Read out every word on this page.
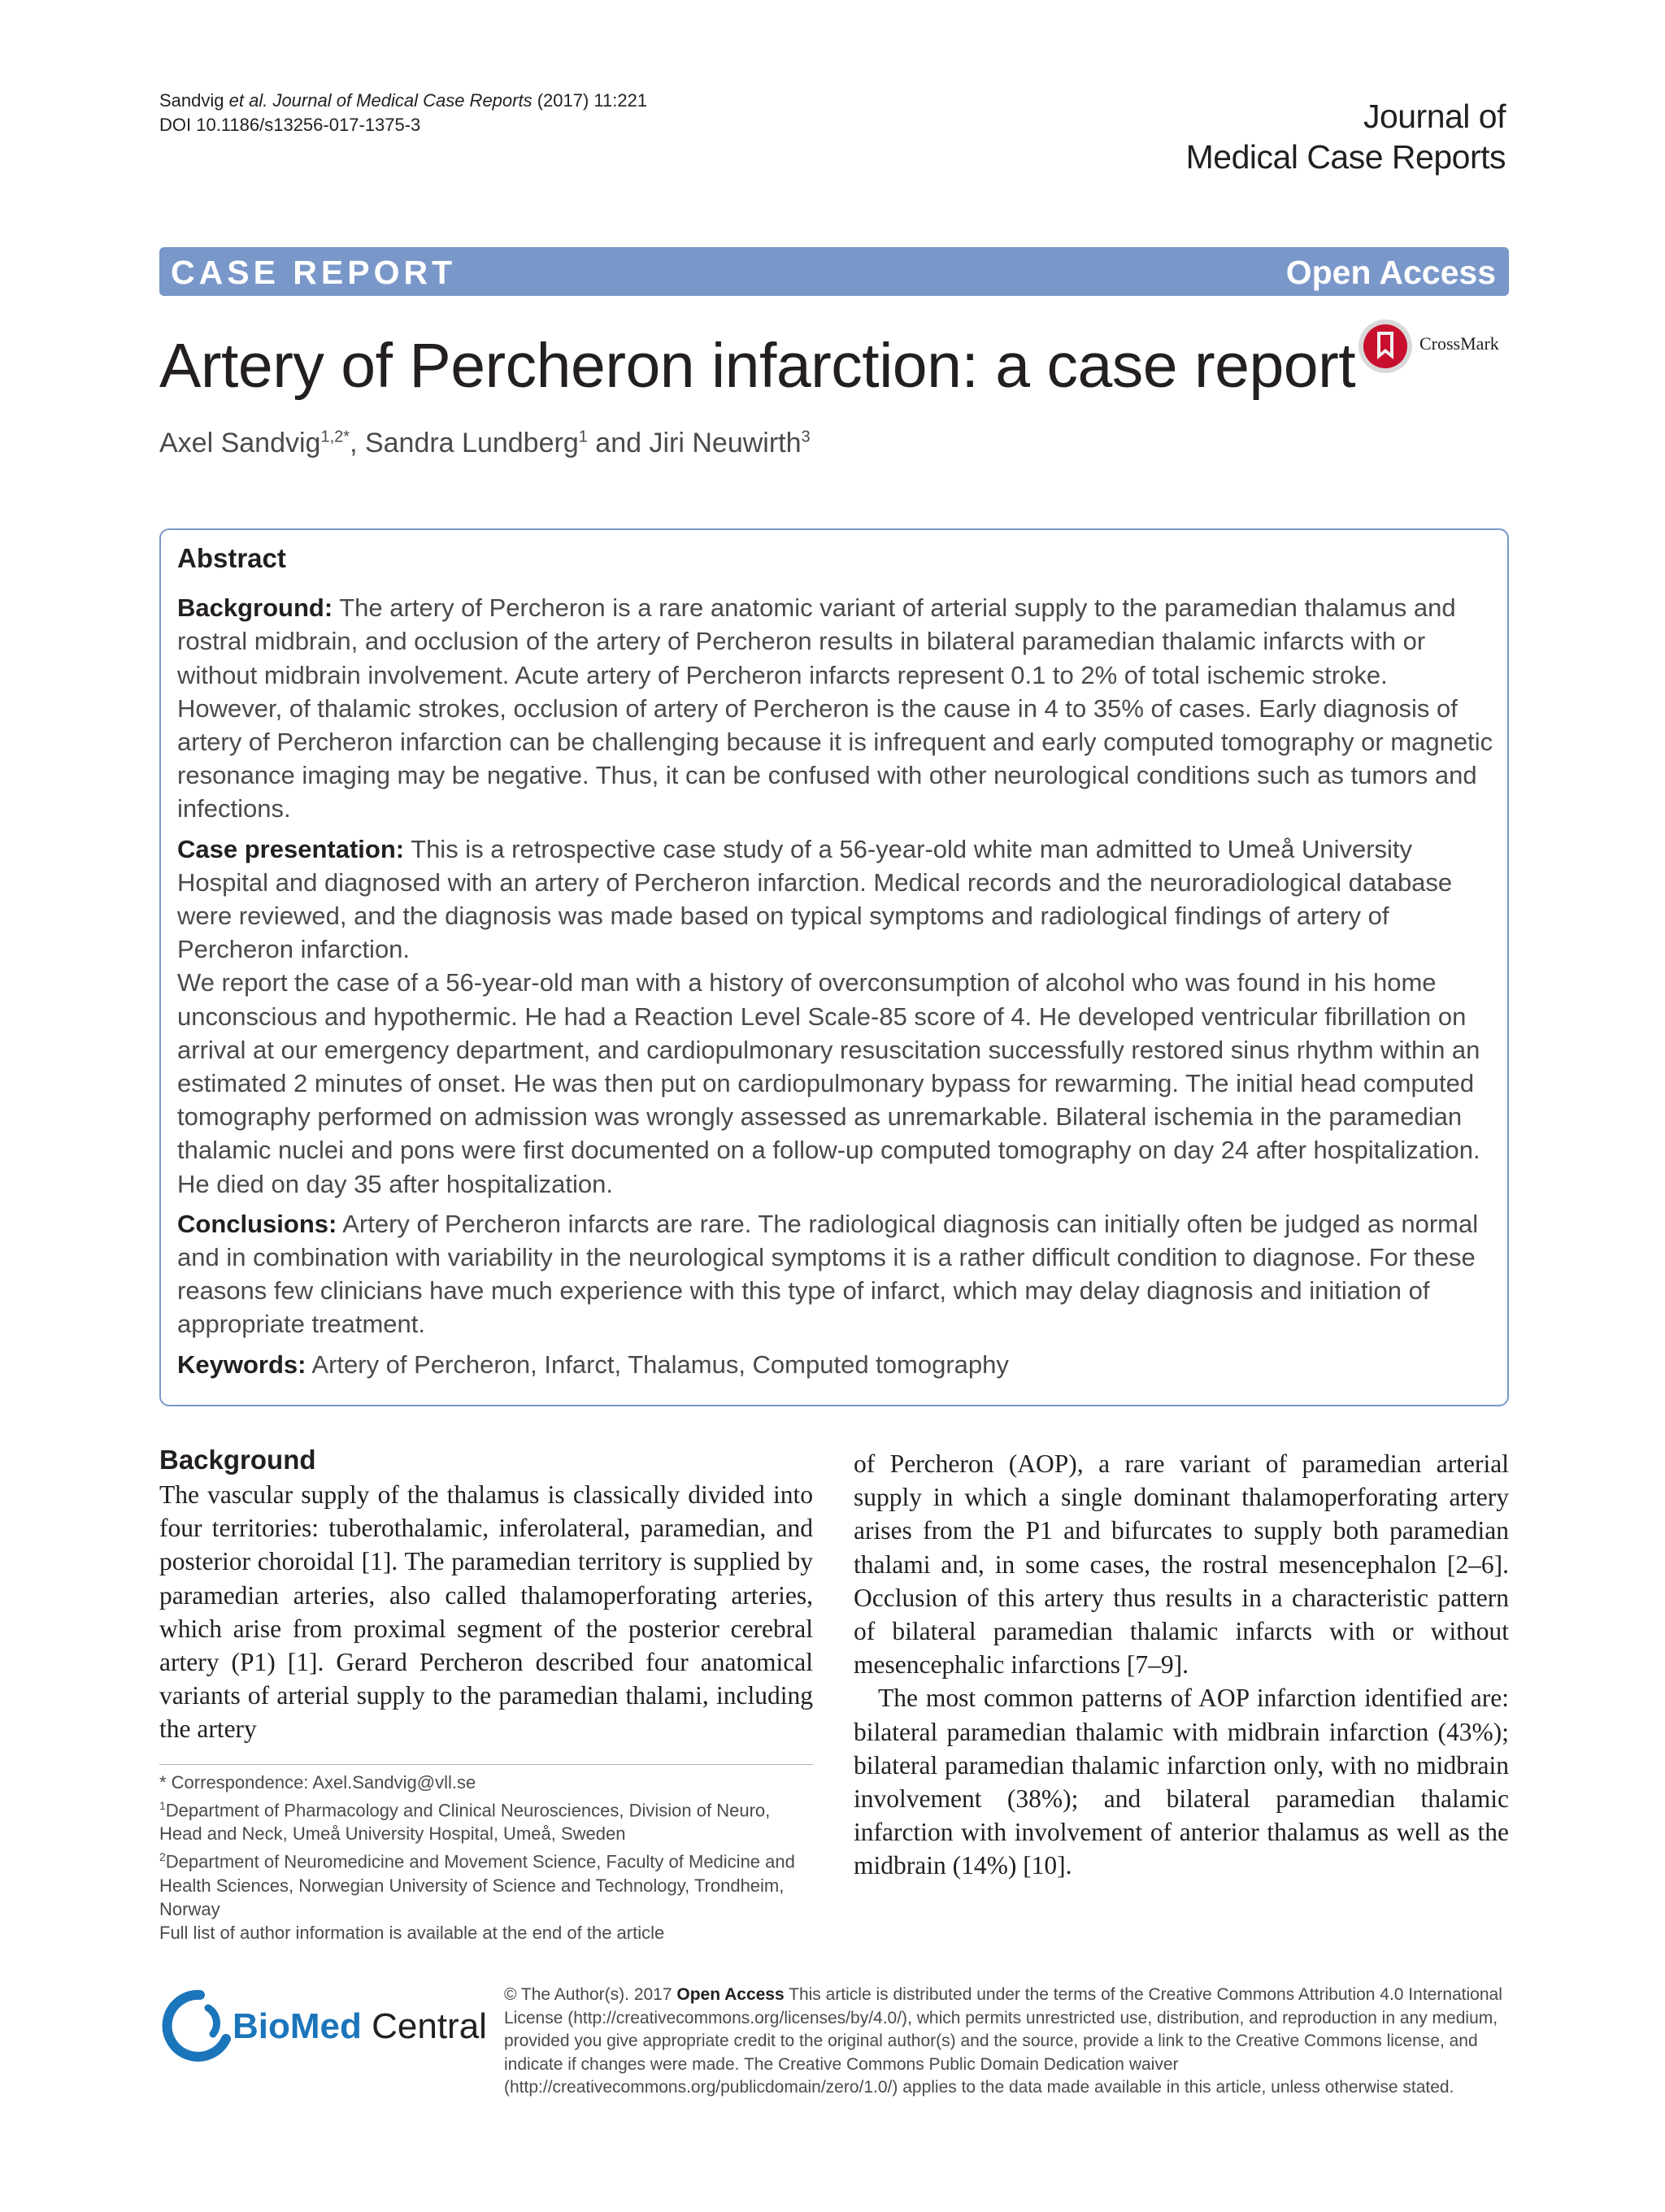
Sandvig et al. Journal of Medical Case Reports (2017) 11:221
DOI 10.1186/s13256-017-1375-3	Journal of
Medical Case Reports
CASE REPORT	Open Access
Artery of Percheron infarction: a case report	CrossMark
Axel Sandvig$^{1,2*}$, Sandra Lundberg$^1$ and Jiri Neuwirth$^3$
Abstract

Background: The artery of Percheron is a rare anatomic variant of arterial supply to the paramedian thalamus and rostral midbrain, and occlusion of the artery of Percheron results in bilateral paramedian thalamic infarcts with or without midbrain involvement. Acute artery of Percheron infarcts represent 0.1 to 2% of total ischemic stroke. However, of thalamic strokes, occlusion of artery of Percheron is the cause in 4 to 35% of cases. Early diagnosis of artery of Percheron infarction can be challenging because it is infrequent and early computed tomography or magnetic resonance imaging may be negative. Thus, it can be confused with other neurological conditions such as tumors and infections.

Case presentation: This is a retrospective case study of a 56-year-old white man admitted to Umeå University Hospital and diagnosed with an artery of Percheron infarction. Medical records and the neuroradiological database were reviewed, and the diagnosis was made based on typical symptoms and radiological findings of artery of Percheron infarction.

We report the case of a 56-year-old man with a history of overconsumption of alcohol who was found in his home unconscious and hypothermic. He had a Reaction Level Scale-85 score of 4. He developed ventricular fibrillation on arrival at our emergency department, and cardiopulmonary resuscitation successfully restored sinus rhythm within an estimated 2 minutes of onset. He was then put on cardiopulmonary bypass for rewarming. The initial head computed tomography performed on admission was wrongly assessed as unremarkable. Bilateral ischemia in the paramedian thalamic nuclei and pons were first documented on a follow-up computed tomography on day 24 after hospitalization. He died on day 35 after hospitalization.

Conclusions: Artery of Percheron infarcts are rare. The radiological diagnosis can initially often be judged as normal and in combination with variability in the neurological symptoms it is a rather difficult condition to diagnose. For these reasons few clinicians have much experience with this type of infarct, which may delay diagnosis and initiation of appropriate treatment.

Keywords: Artery of Percheron, Infarct, Thalamus, Computed tomography

Background

The vascular supply of the thalamus is classically divided into four territories: tuberothalamic, inferolateral, paramedian, and posterior choroidal [1]. The paramedian territory is supplied by paramedian arteries, also called thalamoperforating arteries, which arise from proximal segment of the posterior cerebral artery (P1) [1]. Gerard Percheron described four anatomical variants of arterial supply to the paramedian thalami, including the artery

of Percheron (AOP), a rare variant of paramedian arterial supply in which a single dominant thalamoperforating artery arises from the P1 and bifurcates to supply both paramedian thalami and, in some cases, the rostral mesencephalon [2–6]. Occlusion of this artery thus results in a characteristic pattern of bilateral paramedian thalamic infarcts with or without mesencephalic infarctions [7–9].

The most common patterns of AOP infarction identified are: bilateral paramedian thalamic with midbrain infarction (43%); bilateral paramedian thalamic infarction only, with no midbrain involvement (38%); and bilateral paramedian thalamic infarction with involvement of anterior thalamus as well as the midbrain (14%) [10].

* Correspondence: Axel.Sandvig@vll.se

$^1$Department of Pharmacology and Clinical Neurosciences, Division of Neuro, Head and Neck, Umeå University Hospital, Umeå, Sweden

$^2$Department of Neuromedicine and Movement Science, Faculty of Medicine and Health Sciences, Norwegian University of Science and Technology, Trondheim, Norway

Full list of author information is available at the end of the article

BioMed Central
© The Author(s). 2017 Open Access This article is distributed under the terms of the Creative Commons Attribution 4.0 International License (http://creativecommons.org/licenses/by/4.0/), which permits unrestricted use, distribution, and reproduction in any medium, provided you give appropriate credit to the original author(s) and the source, provide a link to the Creative Commons license, and indicate if changes were made. The Creative Commons Public Domain Dedication waiver (http://creativecommons.org/publicdomain/zero/1.0/) applies to the data made available in this article, unless otherwise stated.
